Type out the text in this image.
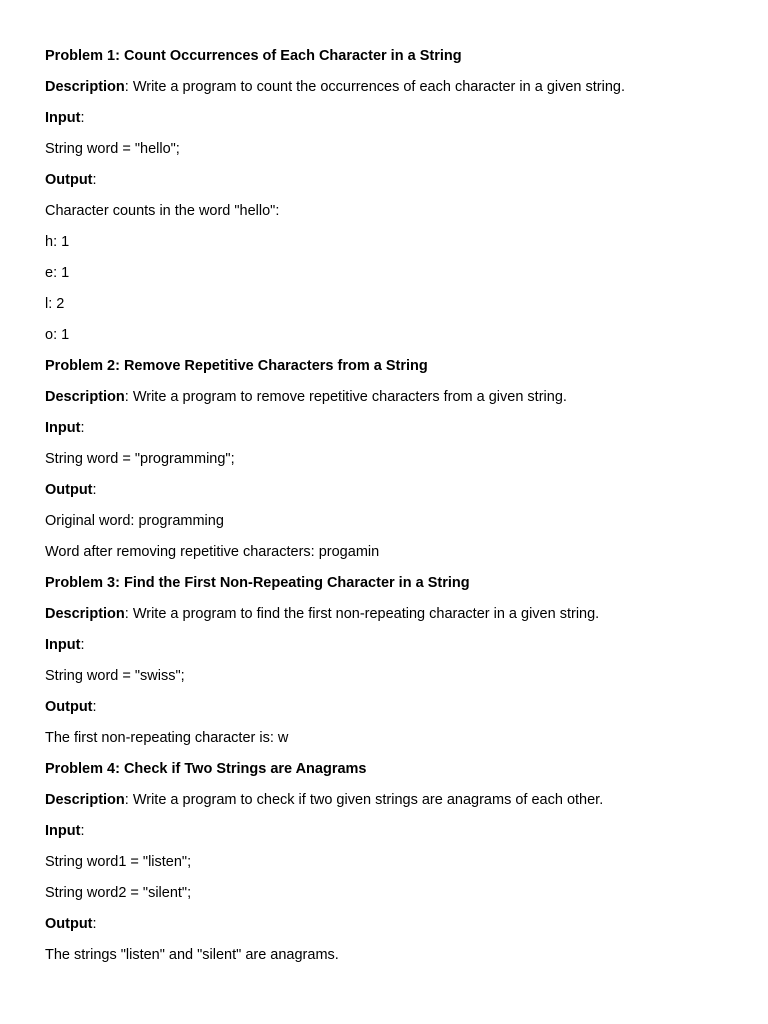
Problem 1: Count Occurrences of Each Character in a String
Description: Write a program to count the occurrences of each character in a given string.
Input:
String word = "hello";
Output:
Character counts in the word "hello":
h: 1
e: 1
l: 2
o: 1
Problem 2: Remove Repetitive Characters from a String
Description: Write a program to remove repetitive characters from a given string.
Input:
String word = "programming";
Output:
Original word: programming
Word after removing repetitive characters: progamin
Problem 3: Find the First Non-Repeating Character in a String
Description: Write a program to find the first non-repeating character in a given string.
Input:
String word = "swiss";
Output:
The first non-repeating character is: w
Problem 4: Check if Two Strings are Anagrams
Description: Write a program to check if two given strings are anagrams of each other.
Input:
String word1 = "listen";
String word2 = "silent";
Output:
The strings "listen" and "silent" are anagrams.
